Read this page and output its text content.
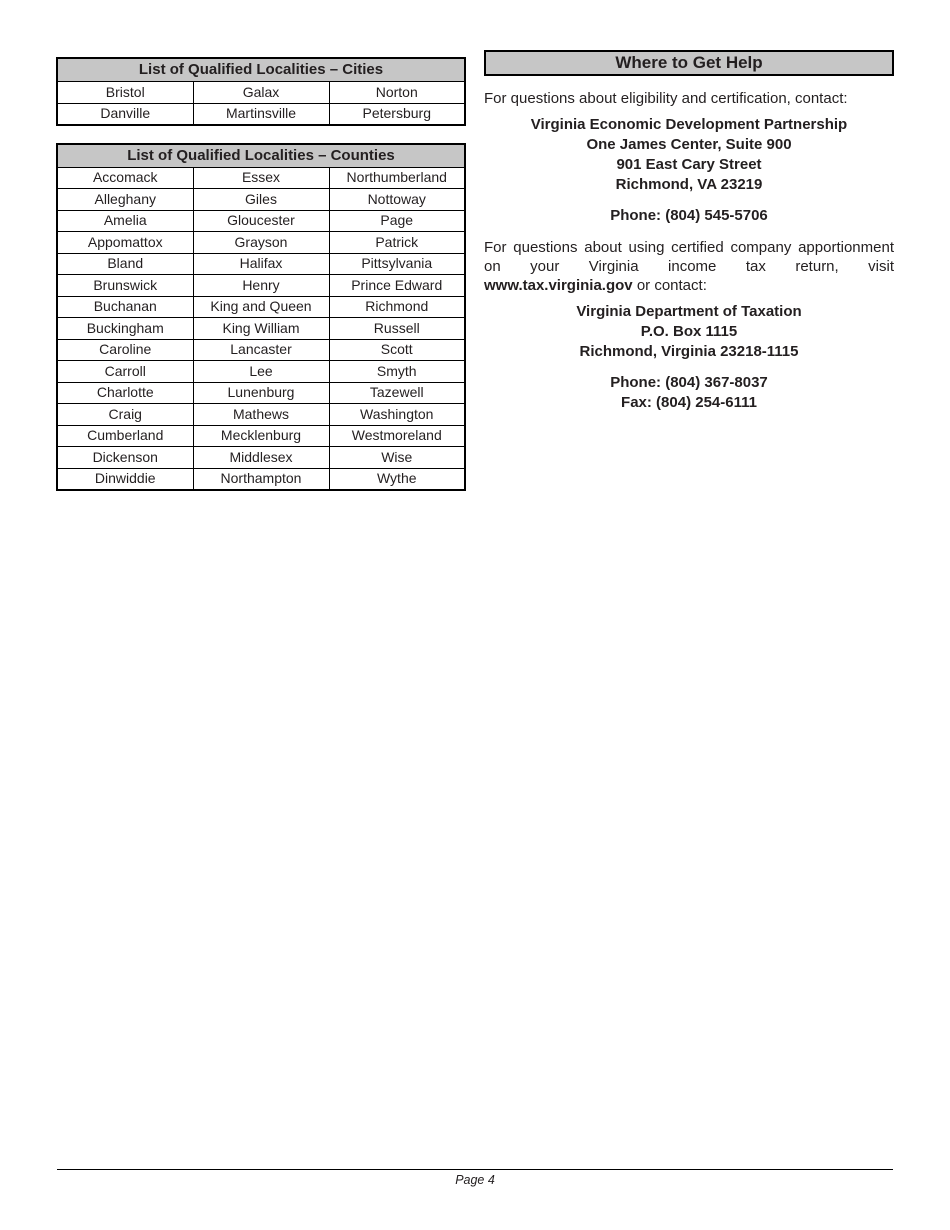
List of Qualified Localities – Cities		
Bristol	Galax	Norton
Danville	Martinsville	Petersburg
List of Qualified Localities – Counties		
Accomack	Essex	Northumberland
Alleghany	Giles	Nottoway
Amelia	Gloucester	Page
Appomattox	Grayson	Patrick
Bland	Halifax	Pittsylvania
Brunswick	Henry	Prince Edward
Buchanan	King and Queen	Richmond
Buckingham	King William	Russell
Caroline	Lancaster	Scott
Carroll	Lee	Smyth
Charlotte	Lunenburg	Tazewell
Craig	Mathews	Washington
Cumberland	Mecklenburg	Westmoreland
Dickenson	Middlesex	Wise
Dinwiddie	Northampton	Wythe
Where to Get Help

For questions about eligibility and certification, contact:

Virginia Economic Development Partnership
One James Center, Suite 900
901 East Cary Street
Richmond, VA 23219
Phone: (804) 545-5706

For questions about using certified company apportionment on your Virginia income tax return, visit www.tax.virginia.gov or contact:

Virginia Department of Taxation
P.O. Box 1115
Richmond, Virginia 23218-1115
Phone: (804) 367-8037
Fax: (804) 254-6111
Page 4
